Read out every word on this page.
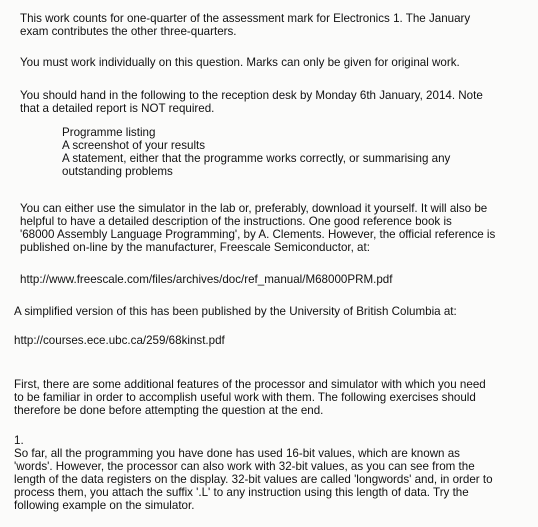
This work counts for one-quarter of the assessment mark for Electronics 1. The January

exam contributes the other three-quarters.

You must work individually on this question. Marks can only be given for original work.

You should hand in the following to the reception desk by Monday 6th January, 2014. Note

that a detailed report is NOT required.

Programme listing
A screenshot of your results
A statement, either that the programme works correctly, or summarising any
outstanding problems

You can either use the simulator in the lab or, preferably, download it yourself. It will also be

helpful to have a detailed description of the instructions. One good reference book is

'68000 Assembly Language Programming', by A. Clements. However, the official reference is

published on-line by the manufacturer, Freescale Semiconductor, at:

http://www.freescale.com/files/archives/doc/ref_manual/M68000PRM.pdf

A simplified version of this has been published by the University of British Columbia at:

http://courses.ece.ubc.ca/259/68kinst.pdf

First, there are some additional features of the processor and simulator with which you need

to be familiar in order to accomplish useful work with them. The following exercises should

therefore be done before attempting the question at the end.

1.

So far, all the programming you have done has used 16-bit values, which are known as

'words'. However, the processor can also work with 32-bit values, as you can see from the

length of the data registers on the display. 32-bit values are called 'longwords' and, in order to

process them, you attach the suffix '.L' to any instruction using this length of data. Try the

following example on the simulator.
